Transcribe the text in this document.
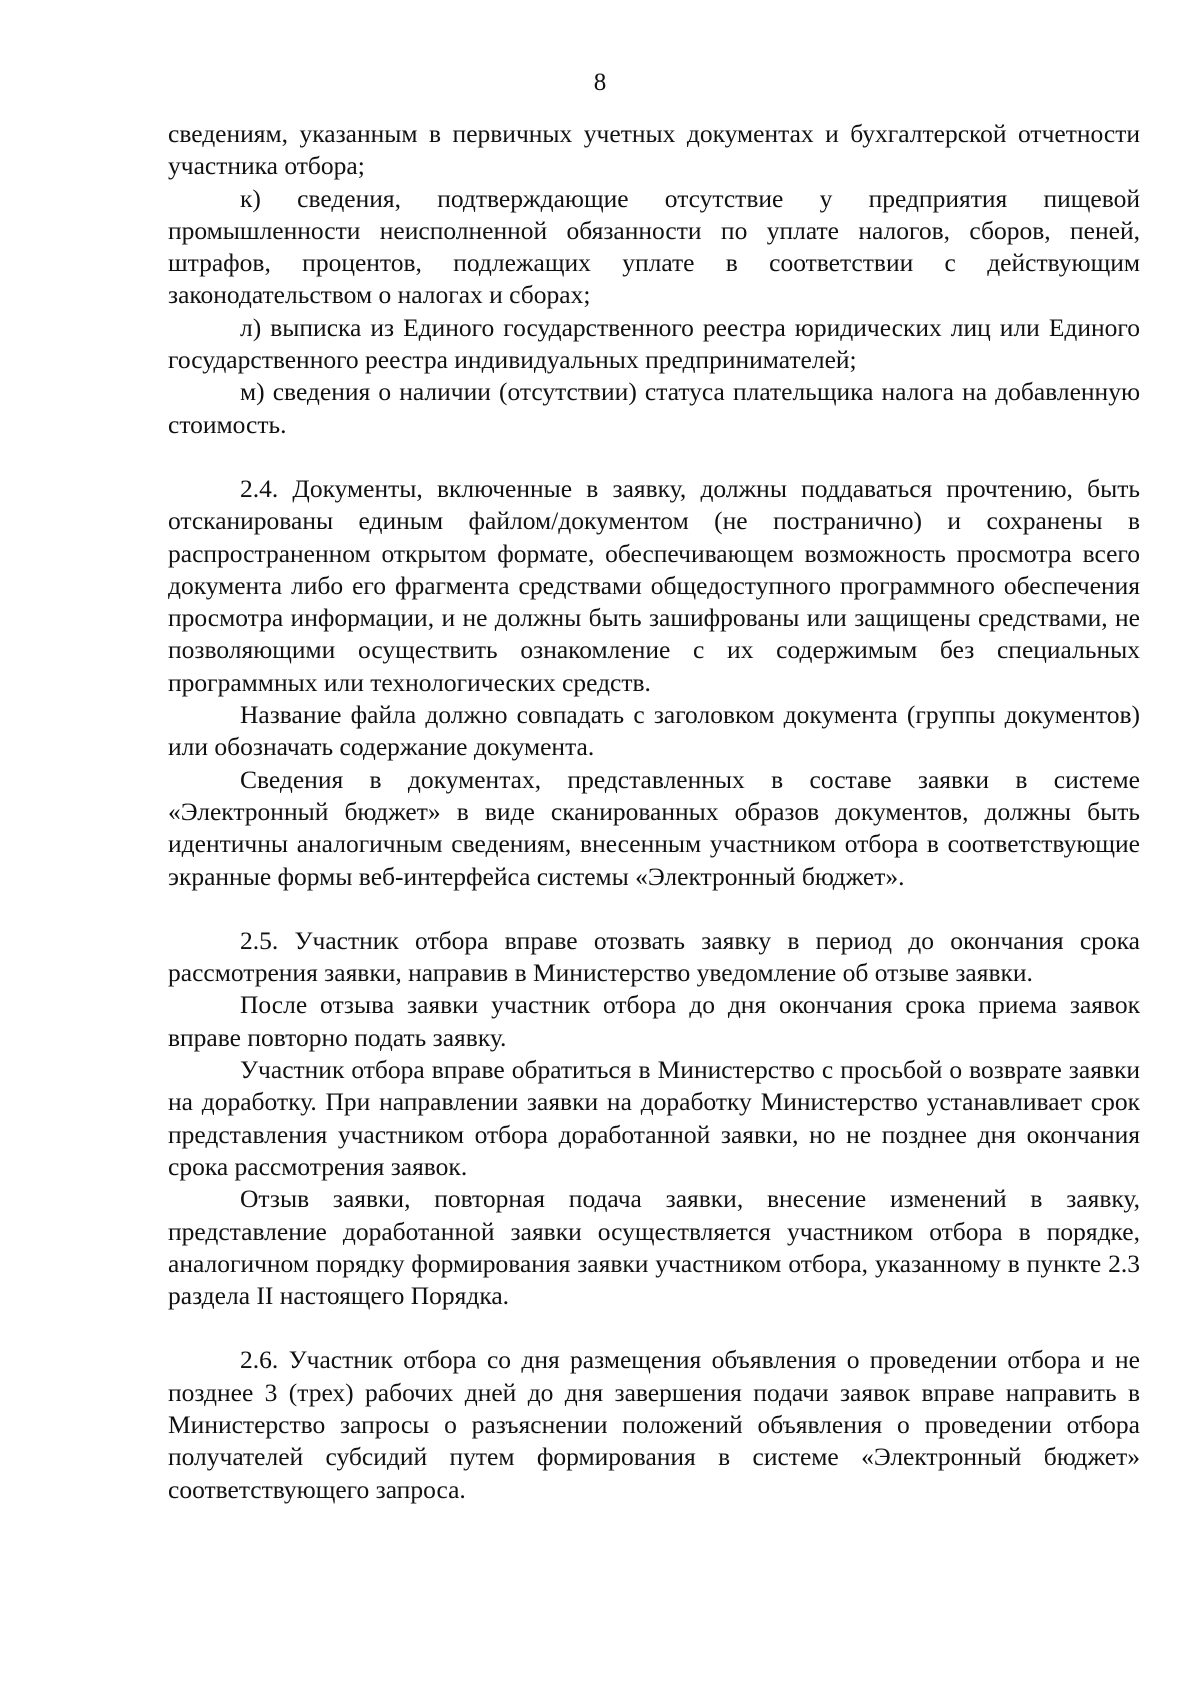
8

сведениям, указанным в первичных учетных документах и бухгалтерской отчетности участника отбора;

к) сведения, подтверждающие отсутствие у предприятия пищевой промышленности неисполненной обязанности по уплате налогов, сборов, пеней, штрафов, процентов, подлежащих уплате в соответствии с действующим законодательством о налогах и сборах;

л) выписка из Единого государственного реестра юридических лиц или Единого государственного реестра индивидуальных предпринимателей;

м) сведения о наличии (отсутствии) статуса плательщика налога на добавленную стоимость.

2.4. Документы, включенные в заявку, должны поддаваться прочтению, быть отсканированы единым файлом/документом (не постранично) и сохранены в распространенном открытом формате, обеспечивающем возможность просмотра всего документа либо его фрагмента средствами общедоступного программного обеспечения просмотра информации, и не должны быть зашифрованы или защищены средствами, не позволяющими осуществить ознакомление с их содержимым без специальных программных или технологических средств.

Название файла должно совпадать с заголовком документа (группы документов) или обозначать содержание документа.

Сведения в документах, представленных в составе заявки в системе «Электронный бюджет» в виде сканированных образов документов, должны быть идентичны аналогичным сведениям, внесенным участником отбора в соответствующие экранные формы веб-интерфейса системы «Электронный бюджет».

2.5. Участник отбора вправе отозвать заявку в период до окончания срока рассмотрения заявки, направив в Министерство уведомление об отзыве заявки.

После отзыва заявки участник отбора до дня окончания срока приема заявок вправе повторно подать заявку.

Участник отбора вправе обратиться в Министерство с просьбой о возврате заявки на доработку. При направлении заявки на доработку Министерство устанавливает срок представления участником отбора доработанной заявки, но не позднее дня окончания срока рассмотрения заявок.

Отзыв заявки, повторная подача заявки, внесение изменений в заявку, представление доработанной заявки осуществляется участником отбора в порядке, аналогичном порядку формирования заявки участником отбора, указанному в пункте 2.3 раздела II настоящего Порядка.

2.6. Участник отбора со дня размещения объявления о проведении отбора и не позднее 3 (трех) рабочих дней до дня завершения подачи заявок вправе направить в Министерство запросы о разъяснении положений объявления о проведении отбора получателей субсидий путем формирования в системе «Электронный бюджет» соответствующего запроса.
